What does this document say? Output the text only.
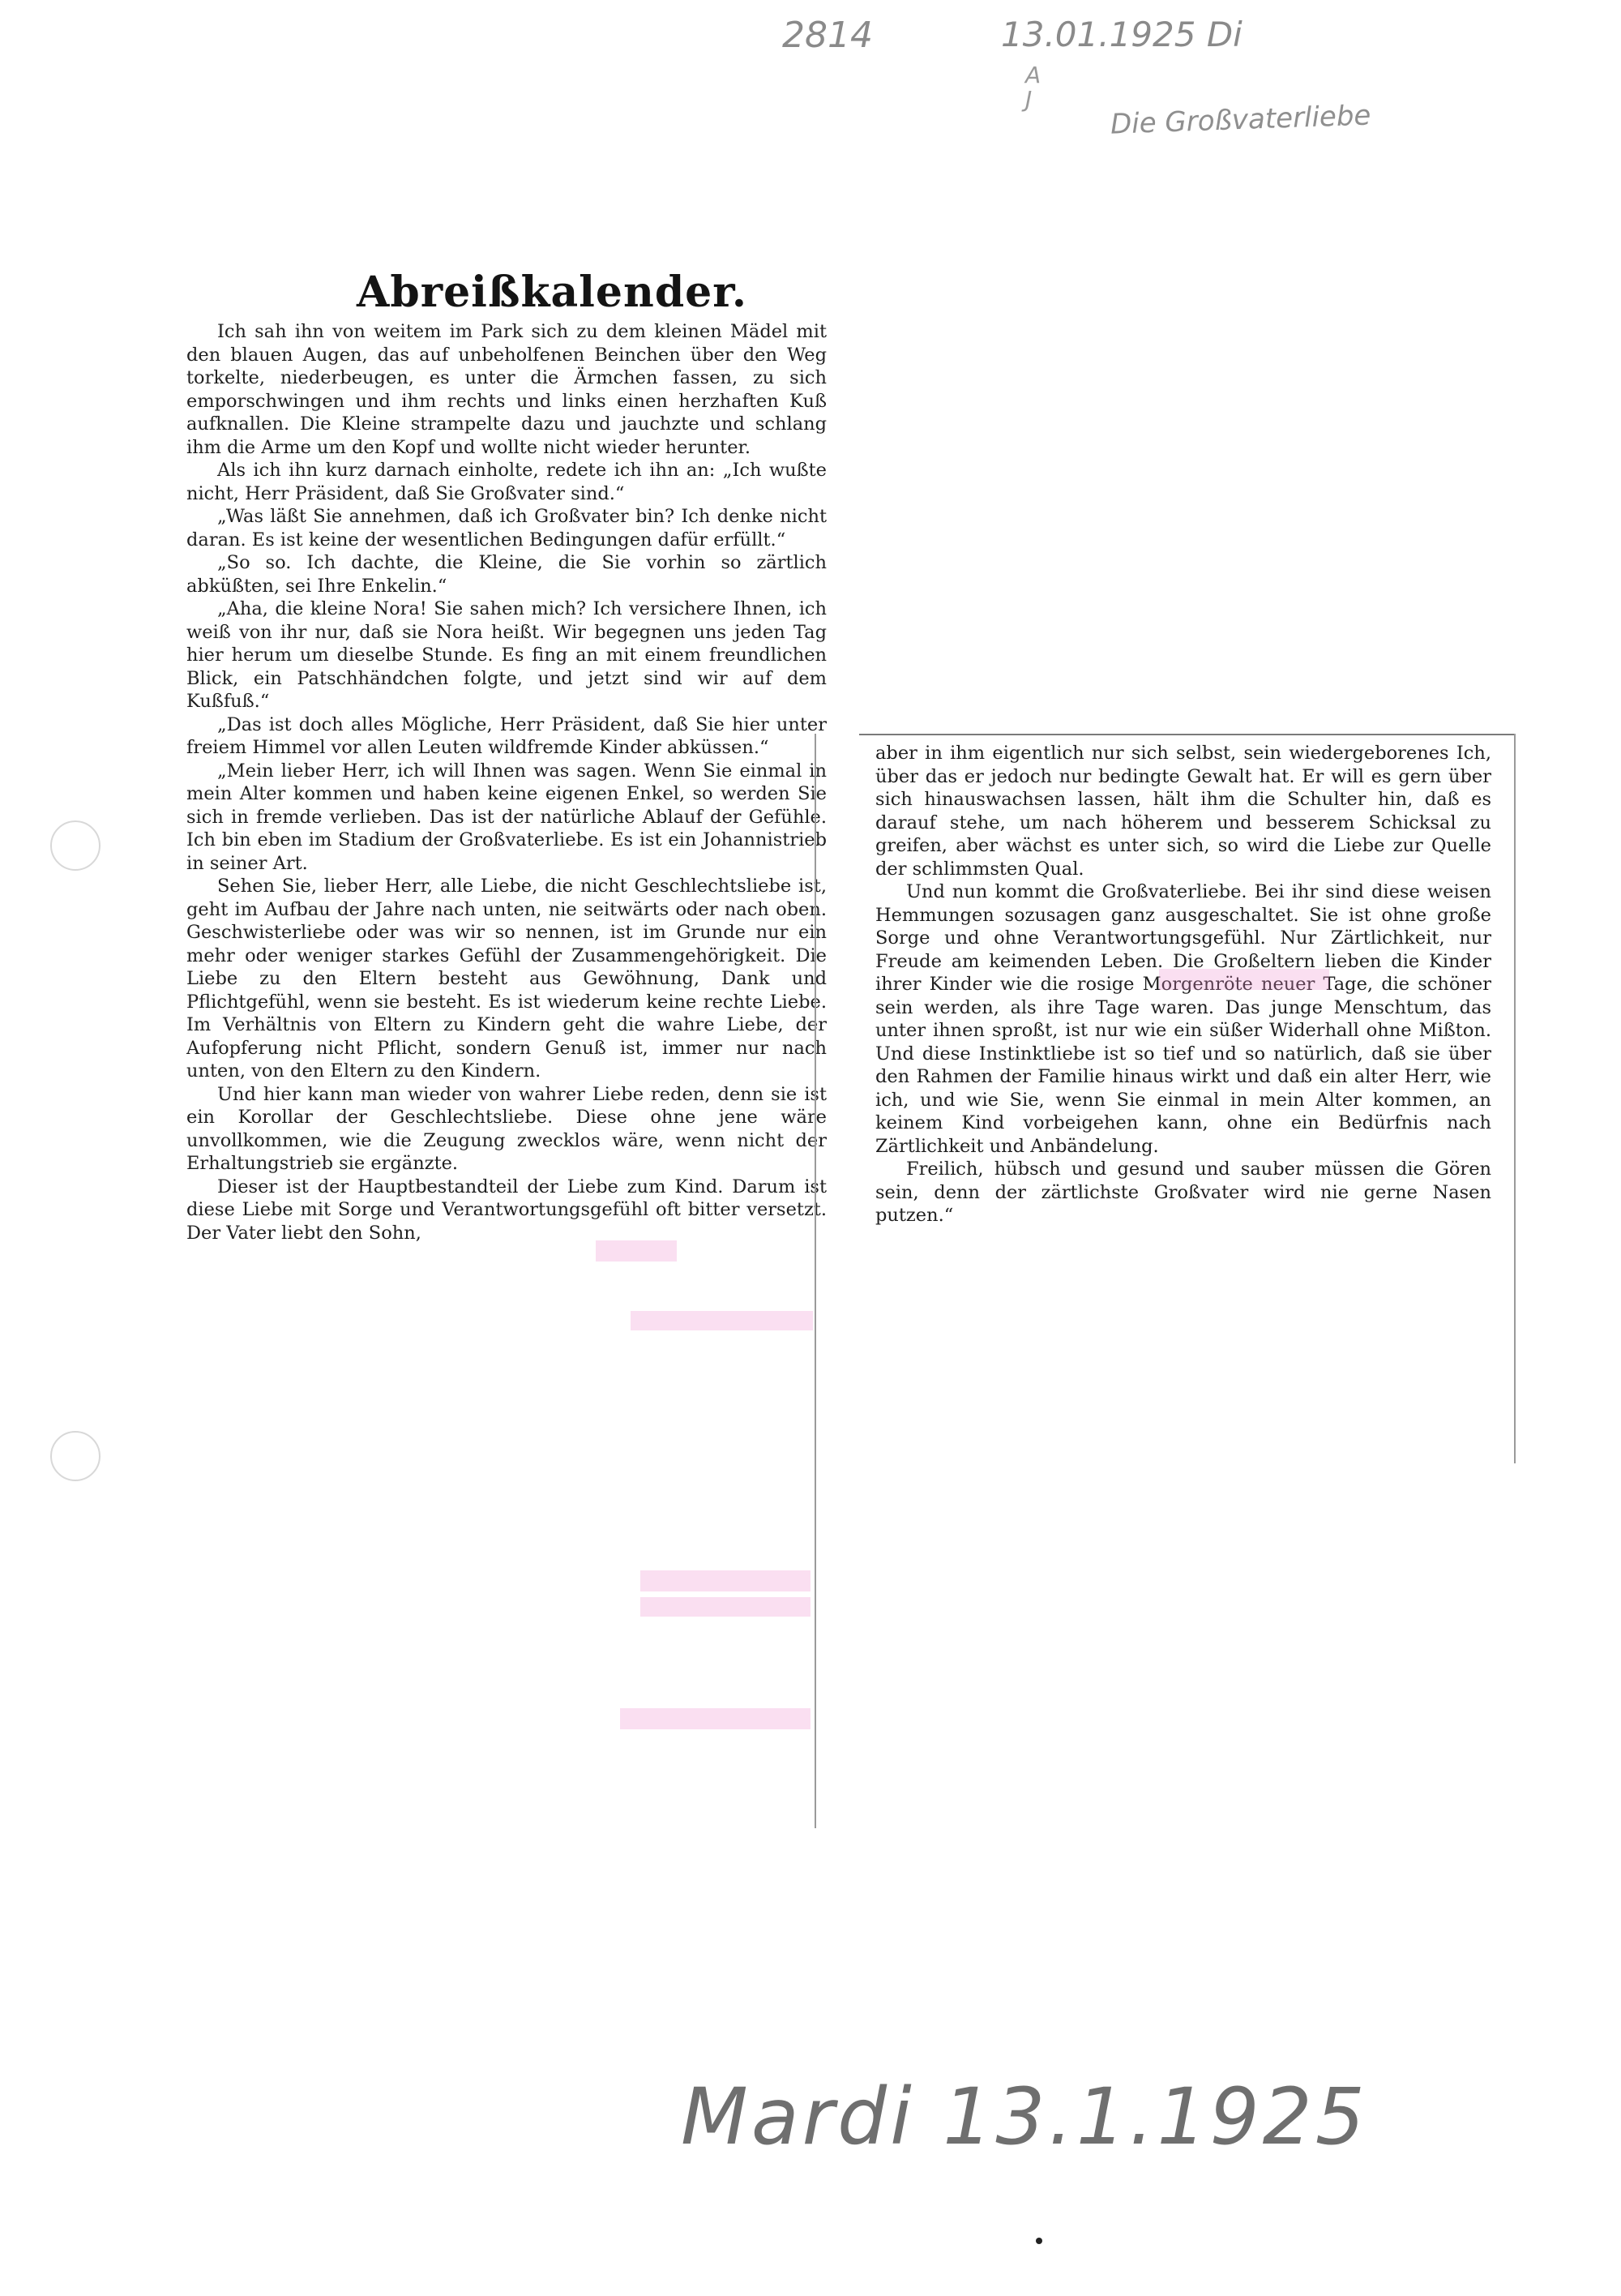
2814	13.01.1925 Di
A
J	Die Großvaterliebe
Abreißkalender.

Ich sah ihn von weitem im Park sich zu dem kleinen Mädel mit den blauen Augen, das auf unbeholfenen Beinchen über den Weg torkelte, niederbeugen, es unter die Ärmchen fassen, zu sich emporschwingen und ihm rechts und links einen herzhaften Kuß aufknallen. Die Kleine strampelte dazu und jauchzte und schlang ihm die Arme um den Kopf und wollte nicht wieder herunter.

Als ich ihn kurz darnach einholte, redete ich ihn an: „Ich wußte nicht, Herr Präsident, daß Sie Großvater sind.“

„Was läßt Sie annehmen, daß ich Großvater bin? Ich denke nicht daran. Es ist keine der wesentlichen Bedingungen dafür erfüllt.“

„So so. Ich dachte, die Kleine, die Sie vorhin so zärtlich abküßten, sei Ihre Enkelin.“

„Aha, die kleine Nora! Sie sahen mich? Ich versichere Ihnen, ich weiß von ihr nur, daß sie Nora heißt. Wir begegnen uns jeden Tag hier herum um dieselbe Stunde. Es fing an mit einem freundlichen Blick, ein Patschhändchen folgte, und jetzt sind wir auf dem Kußfuß.“

„Das ist doch alles Mögliche, Herr Präsident, daß Sie hier unter freiem Himmel vor allen Leuten wildfremde Kinder abküssen.“

„Mein lieber Herr, ich will Ihnen was sagen. Wenn Sie einmal in mein Alter kommen und haben keine eigenen Enkel, so werden Sie sich in fremde verlieben. Das ist der natürliche Ablauf der Gefühle. Ich bin eben im Stadium der Großvaterliebe. Es ist ein Johannistrieb in seiner Art.

Sehen Sie, lieber Herr, alle Liebe, die nicht Geschlechtsliebe ist, geht im Aufbau der Jahre nach unten, nie seitwärts oder nach oben. Geschwisterliebe oder was wir so nennen, ist im Grunde nur ein mehr oder weniger starkes Gefühl der Zusammengehörigkeit. Die Liebe zu den Eltern besteht aus Gewöhnung, Dank und Pflichtgefühl, wenn sie besteht. Es ist wiederum keine rechte Liebe. Im Verhältnis von Eltern zu Kindern geht die wahre Liebe, der Aufopferung nicht Pflicht, sondern Genuß ist, immer nur nach unten, von den Eltern zu den Kindern.

Und hier kann man wieder von wahrer Liebe reden, denn sie ist ein Korollar der Geschlechtsliebe. Diese ohne jene wäre unvollkommen, wie die Zeugung zwecklos wäre, wenn nicht der Erhaltungstrieb sie ergänzte.

Dieser ist der Hauptbestandteil der Liebe zum Kind. Darum ist diese Liebe mit Sorge und Verantwortungsgefühl oft bitter versetzt. Der Vater liebt den Sohn,

aber in ihm eigentlich nur sich selbst, sein wiedergeborenes Ich, über das er jedoch nur bedingte Gewalt hat. Er will es gern über sich hinauswachsen lassen, hält ihm die Schulter hin, daß es darauf stehe, um nach höherem und besserem Schicksal zu greifen, aber wächst es unter sich, so wird die Liebe zur Quelle der schlimmsten Qual.

Und nun kommt die Großvaterliebe. Bei ihr sind diese weisen Hemmungen sozusagen ganz ausgeschaltet. Sie ist ohne große Sorge und ohne Verantwortungsgefühl. Nur Zärtlichkeit, nur Freude am keimenden Leben. Die Großeltern lieben die Kinder ihrer Kinder wie die rosige Morgenröte neuer Tage, die schöner sein werden, als ihre Tage waren. Das junge Menschtum, das unter ihnen sproßt, ist nur wie ein süßer Widerhall ohne Mißton. Und diese Instinktliebe ist so tief und so natürlich, daß sie über den Rahmen der Familie hinaus wirkt und daß ein alter Herr, wie ich, und wie Sie, wenn Sie einmal in mein Alter kommen, an keinem Kind vorbeigehen kann, ohne ein Bedürfnis nach Zärtlichkeit und Anbändelung.

Freilich, hübsch und gesund und sauber müssen die Gören sein, denn der zärtlichste Großvater wird nie gerne Nasen putzen.“

Mardi 13.1.1925
